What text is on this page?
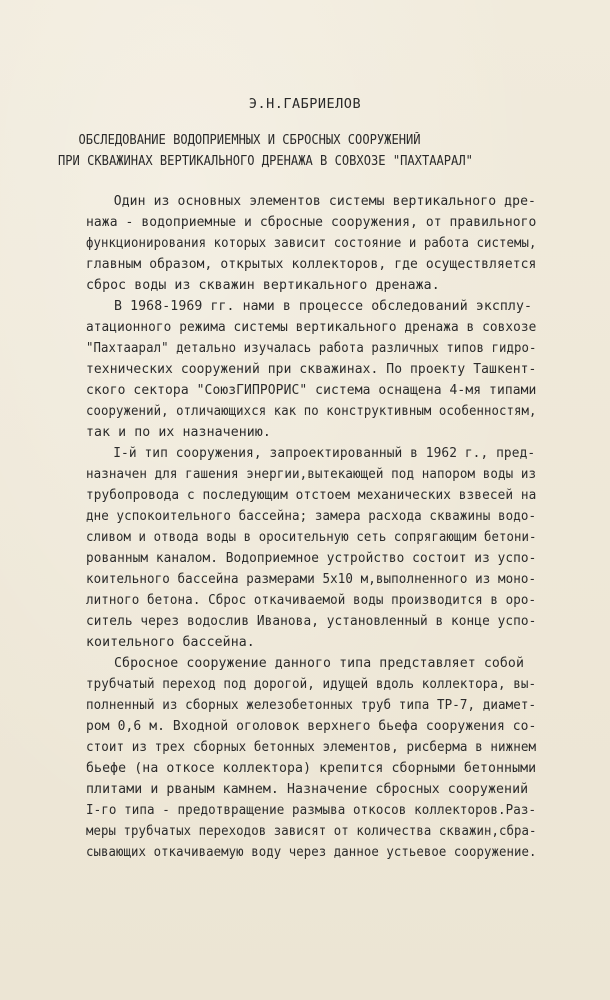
Э.Н.ГАБРИЕЛОВ
ОБСЛЕДОВАНИЕ ВОДОПРИЕМНЫХ И СБРОСНЫХ СООРУЖЕНИЙ
ПРИ СКВАЖИНАХ ВЕРТИКАЛЬНОГО ДРЕНАЖА В СОВХОЗЕ "ПАХТААРАЛ"
Один из основных элементов системы вертикального дре-
нажа - водоприемные и сбросные сооружения, от правильного
функционирования которых зависит состояние и работа системы,
главным образом, открытых коллекторов, где осуществляется
сброс воды из скважин вертикального дренажа.
В 1968-1969 гг. нами в процессе обследований эксплу-
атационного режима системы вертикального дренажа в совхозе
"Пахтаарал" детально изучалась работа различных типов гидро-
технических сооружений при скважинах. По проекту Ташкент-
ского сектора "СоюзГИПРОРИС" система оснащена 4-мя типами
сооружений, отличающихся как по конструктивным особенностям,
так и по их назначению.
I-й тип сооружения, запроектированный в 1962 г., пред-
назначен для гашения энергии,вытекающей под напором воды из
трубопровода с последующим отстоем механических взвесей на
дне успокоительного бассейна; замера расхода скважины водо-
сливом и отвода воды в оросительную сеть сопрягающим бетони-
рованным каналом. Водоприемное устройство состоит из успо-
коительного бассейна размерами 5х10 м,выполненного из моно-
литного бетона. Сброс откачиваемой воды производится в оро-
ситель через водослив Иванова, установленный в конце успо-
коительного бассейна.
Сбросное сооружение данного типа представляет собой
трубчатый переход под дорогой, идущей вдоль коллектора, вы-
полненный из сборных железобетонных труб типа ТР-7, диамет-
ром 0,6 м. Входной оголовок верхнего бьефа сооружения со-
стоит из трех сборных бетонных элементов, рисберма в нижнем
бьефе (на откосе коллектора) крепится сборными бетонными
плитами и рваным камнем. Назначение сбросных сооружений
I-го типа - предотвращение размыва откосов коллекторов.Раз-
меры трубчатых переходов зависят от количества скважин,сбра-
сывающих откачиваемую воду через данное устьевое сооружение.
